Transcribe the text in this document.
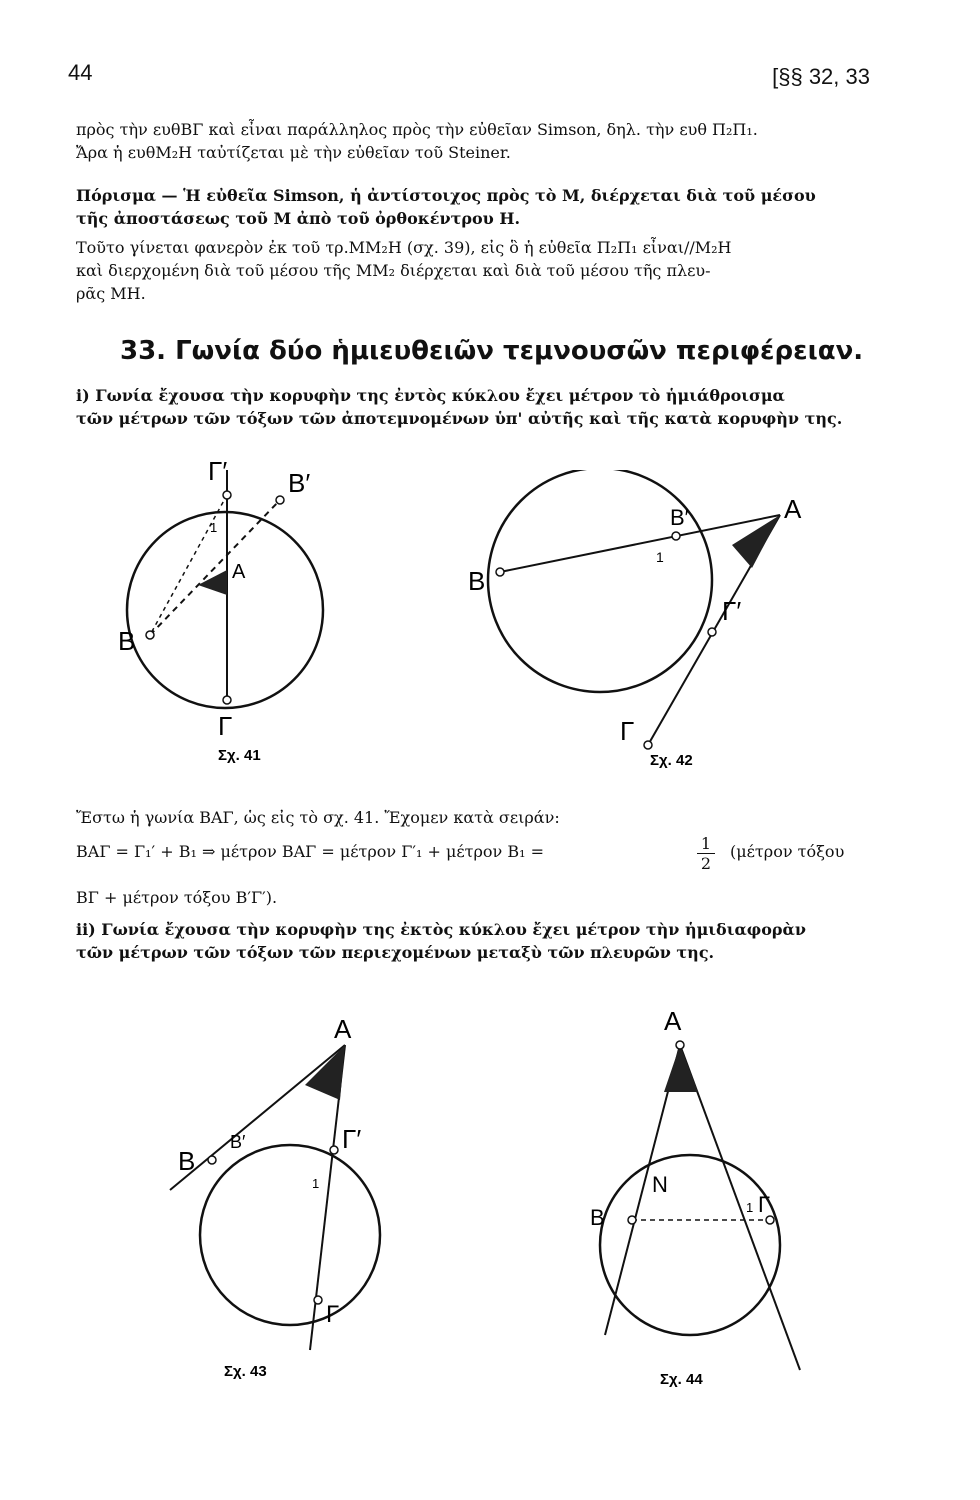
44	[§§ 32, 33
πρὸς τὴν ευθΒΓ καὶ εἶναι παράλληλος πρὸς τὴν εὐθεῖαν Simson, δηλ. τὴν ευθ Π₂Π₁.
Ἄρα ἡ ευθΜ₂Η ταὐτίζεται μὲ τὴν εὐθεῖαν τοῦ Steiner.
Πόρισμα — Ἡ εὐθεῖα Simson, ἡ ἀντίστοιχος πρὸς τὸ Μ, διέρχεται διὰ τοῦ μέσου
τῆς ἀποστάσεως τοῦ Μ ἀπὸ τοῦ ὀρθοκέντρου Η.
Τοῦτο γίνεται φανερὸν ἐκ τοῦ τρ.ΜΜ₂Η (σχ. 39), εἰς ὃ ἡ εὐθεῖα Π₂Π₁ εἶναι//Μ₂Η
καὶ διερχομένη διὰ τοῦ μέσου τῆς ΜΜ₂ διέρχεται καὶ διὰ τοῦ μέσου τῆς πλευ-
ρᾶς ΜΗ.
33. Γωνία δύο ἡμιευθειῶν τεμνουσῶν περιφέρειαν.
i) Γωνία ἔχουσα τὴν κορυφὴν της ἐντὸς κύκλου ἔχει μέτρον τὸ ἡμιάθροισμα
τῶν μέτρων τῶν τόξων τῶν ἀποτεμνομένων ὑπ' αὐτῆς καὶ τῆς κατὰ κορυφὴν της.
Γ′ Β′
Α
Β
Γ
1
Σχ. 41
Α
Β′
Β
Γ′
Γ
1
Σχ. 42
Ἔστω ἡ γωνία ΒΑΓ, ὡς εἰς τὸ σχ. 41. Ἔχομεν κατὰ σειράν:
ΒΑΓ = Γ₁′ + Β₁ ⇒ μέτρον ΒΑΓ = μέτρον Γ′₁ + μέτρον Β₁ =	1
2
(μέτρον τόξου
ΒΓ + μέτρον τόξου Β′Γ′).
ii) Γωνία ἔχουσα τὴν κορυφὴν της ἐκτὸς κύκλου ἔχει μέτρον τὴν ἡμιδιαφορὰν
τῶν μέτρων τῶν τόξων τῶν περιεχομένων μεταξὺ τῶν πλευρῶν της.
Α
Β
Β′	Γ′
Γ
1
Σχ. 43
Α
Β
Γ
Ν
1
Σχ. 44
